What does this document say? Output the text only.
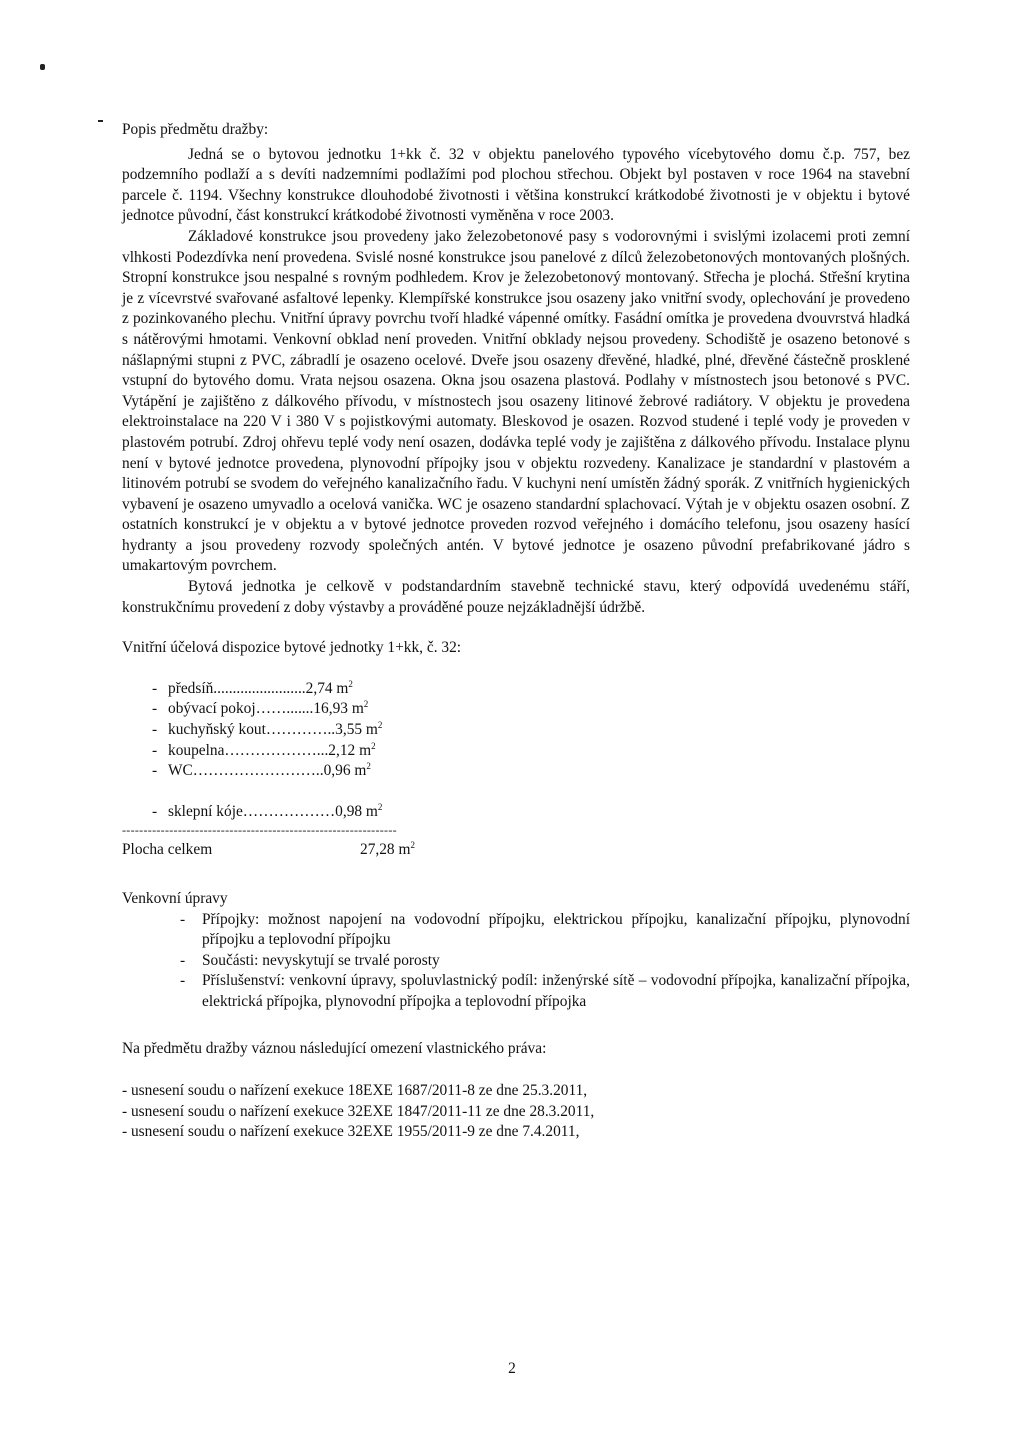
Popis předmětu dražby:

Jedná se o bytovou jednotku 1+kk č. 32 v objektu panelového typového vícebytového domu č.p. 757, bez podzemního podlaží a s devíti nadzemními podlažími pod plochou střechou. Objekt byl postaven v roce 1964 na stavební parcele č. 1194. Všechny konstrukce dlouhodobé životnosti i většina konstrukcí krátkodobé životnosti je v objektu i bytové jednotce původní, část konstrukcí krátkodobé životnosti vyměněna v roce 2003.

Základové konstrukce jsou provedeny jako železobetonové pasy s vodorovnými i svislými izolacemi proti zemní vlhkosti Podezdívka není provedena. Svislé nosné konstrukce jsou panelové z dílců železobetonových montovaných plošných. Stropní konstrukce jsou nespalné s rovným podhledem. Krov je železobetonový montovaný. Střecha je plochá. Střešní krytina je z vícevrstvé svařované asfaltové lepenky. Klempířské konstrukce jsou osazeny jako vnitřní svody, oplechování je provedeno z pozinkovaného plechu. Vnitřní úpravy povrchu tvoří hladké vápenné omítky. Fasádní omítka je provedena dvouvrstvá hladká s nátěrovými hmotami. Venkovní obklad není proveden. Vnitřní obklady nejsou provedeny. Schodiště je osazeno betonové s nášlapnými stupni z PVC, zábradlí je osazeno ocelové. Dveře jsou osazeny dřevěné, hladké, plné, dřevěné částečně prosklené vstupní do bytového domu. Vrata nejsou osazena. Okna jsou osazena plastová. Podlahy v místnostech jsou betonové s PVC. Vytápění je zajištěno z dálkového přívodu, v místnostech jsou osazeny litinové žebrové radiátory. V objektu je provedena elektroinstalace na 220 V i 380 V s pojistkovými automaty. Bleskovod je osazen. Rozvod studené i teplé vody je proveden v plastovém potrubí. Zdroj ohřevu teplé vody není osazen, dodávka teplé vody je zajištěna z dálkového přívodu. Instalace plynu není v bytové jednotce provedena, plynovodní přípojky jsou v objektu rozvedeny. Kanalizace je standardní v plastovém a litinovém potrubí se svodem do veřejného kanalizačního řadu. V kuchyni není umístěn žádný sporák. Z vnitřních hygienických vybavení je osazeno umyvadlo a ocelová vanička. WC je osazeno standardní splachovací. Výtah je v objektu osazen osobní. Z ostatních konstrukcí je v objektu a v bytové jednotce proveden rozvod veřejného i domácího telefonu, jsou osazeny hasící hydranty a jsou provedeny rozvody společných antén. V bytové jednotce je osazeno původní prefabrikované jádro s umakartovým povrchem.

Bytová jednotka je celkově v podstandardním stavebně technické stavu, který odpovídá uvedenému stáří, konstrukčnímu provedení z doby výstavby a prováděné pouze nejzákladnější údržbě.

Vnitřní účelová dispozice bytové jednotky 1+kk, č. 32:

- předsíň........................2,74 $m^2$
- obývací pokoj…….......16,93 $m^2$
- kuchyňský kout…………..3,55 $m^2$
- koupelna………………...2,12 $m^2$
- WC……………………..0,96 $m^2$
- sklepní kóje………………0,98 $m^2$
----------------------------------------------------------------
Plocha celkem	27,28 $m^2$

Venkovní úpravy

- Přípojky: možnost napojení na vodovodní přípojku, elektrickou přípojku, kanalizační přípojku, plynovodní přípojku a teplovodní přípojku
- Součásti: nevyskytují se trvalé porosty
- Příslušenství: venkovní úpravy, spoluvlastnický podíl: inženýrské sítě – vodovodní přípojka, kanalizační přípojka, elektrická přípojka, plynovodní přípojka a teplovodní přípojka

Na předmětu dražby váznou následující omezení vlastnického práva:

- usnesení soudu o nařízení exekuce 18EXE 1687/2011-8 ze dne 25.3.2011,
- usnesení soudu o nařízení exekuce 32EXE 1847/2011-11 ze dne 28.3.2011,
- usnesení soudu o nařízení exekuce 32EXE 1955/2011-9 ze dne 7.4.2011,
2
